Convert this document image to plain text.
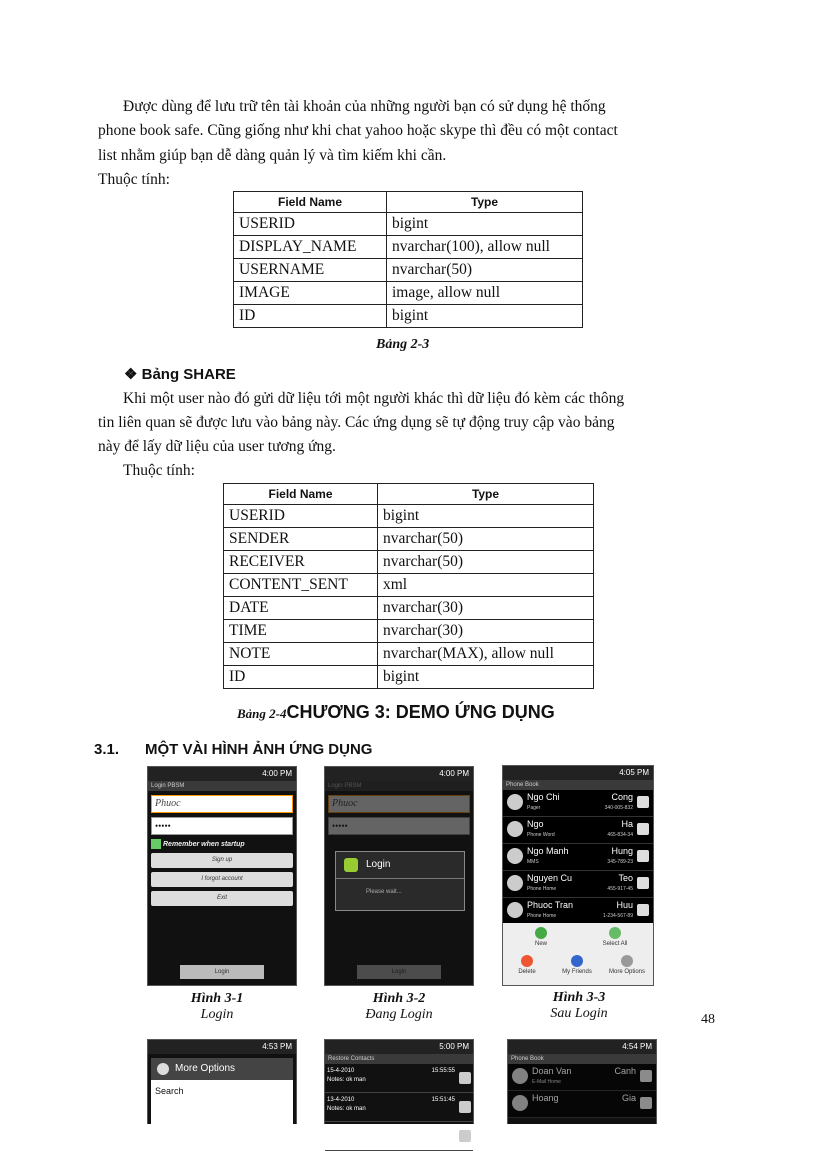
Được dùng để lưu trữ tên tài khoản của những người bạn có sử dụng hệ thống
phone book safe. Cũng giống như khi chat yahoo hoặc skype thì đều có một contact
list nhằm giúp bạn dễ dàng quản lý và tìm kiếm khi cần.
Thuộc tính:
Field Name	Type
USERID	bigint
DISPLAY_NAME	nvarchar(100), allow null
USERNAME	nvarchar(50)
IMAGE	image, allow null
ID	bigint
Bảng 2-3
❖ Bảng SHARE
Khi một user nào đó gửi dữ liệu tới một người khác thì dữ liệu đó kèm các thông
tin liên quan sẽ được lưu vào bảng này. Các ứng dụng sẽ tự động truy cập vào bảng
này để lấy dữ liệu của user tương ứng.
Thuộc tính:
Field Name	Type
USERID	bigint
SENDER	nvarchar(50)
RECEIVER	nvarchar(50)
CONTENT_SENT	xml
DATE	nvarchar(30)
TIME	nvarchar(30)
NOTE	nvarchar(MAX), allow null
ID	bigint
Bảng 2-4CHƯƠNG 3: DEMO ỨNG DỤNG
3.1. MỘT VÀI HÌNH ẢNH ỨNG DỤNG
4:00 PM
Login PBSM
Phuoc
•••••
Remember when startup
Sign up
I forgot account
Exit
Login
4:00 PM
Login PBSM
Phuoc
•••••
Login
Please wait...
Login
4:05 PM
Phone Book
Ngo Chi	Cong
Pager	340-005-832
Ngo	Ha
Phone Word	465-834-34
Ngo Manh	Hung
MMS	345-789-23
Nguyen Cu	Teo
Phone Home	455-917-45
Phuoc Tran	Huu
Phone Home	1-234-567-89
New	Select All
Delete	My Friends	More Options
Hình 3-1
Login
Hình 3-2
Đang Login
Hình 3-3
Sau Login	48
4:53 PM
More Options
Search
5:00 PM
Restore Contacts
15-4-2010
Notes: ok man
15:55:55
13-4-2010
Notes: ok man
15:51:45
10-4-2010
Notes: nhieu contact
2:23:54
4:54 PM
Phone Book
Doan Van	Canh
E-Mail Home
Hoang	Gia
